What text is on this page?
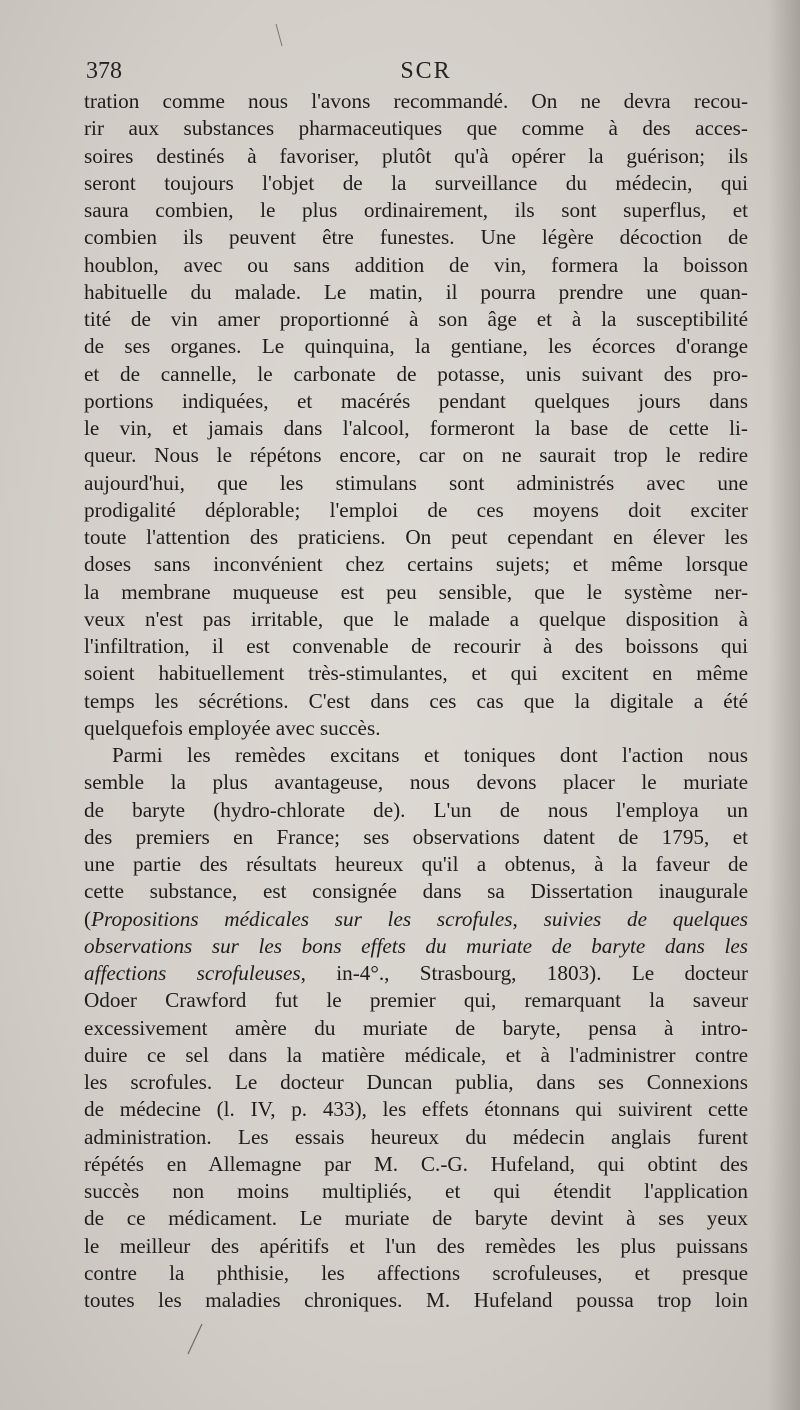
378	SCR
tration comme nous l'avons recommandé. On ne devra recou-
rir aux substances pharmaceutiques que comme à des acces-
soires destinés à favoriser, plutôt qu'à opérer la guérison; ils
seront toujours l'objet de la surveillance du médecin, qui
saura combien, le plus ordinairement, ils sont superflus, et
combien ils peuvent être funestes. Une légère décoction de
houblon, avec ou sans addition de vin, formera la boisson
habituelle du malade. Le matin, il pourra prendre une quan-
tité de vin amer proportionné à son âge et à la susceptibilité
de ses organes. Le quinquina, la gentiane, les écorces d'orange
et de cannelle, le carbonate de potasse, unis suivant des pro-
portions indiquées, et macérés pendant quelques jours dans
le vin, et jamais dans l'alcool, formeront la base de cette li-
queur. Nous le répétons encore, car on ne saurait trop le redire
aujourd'hui, que les stimulans sont administrés avec une
prodigalité déplorable; l'emploi de ces moyens doit exciter
toute l'attention des praticiens. On peut cependant en élever les
doses sans inconvénient chez certains sujets; et même lorsque
la membrane muqueuse est peu sensible, que le système ner-
veux n'est pas irritable, que le malade a quelque disposition à
l'infiltration, il est convenable de recourir à des boissons qui
soient habituellement très-stimulantes, et qui excitent en même
temps les sécrétions. C'est dans ces cas que la digitale a été
quelquefois employée avec succès.
Parmi les remèdes excitans et toniques dont l'action nous
semble la plus avantageuse, nous devons placer le muriate
de baryte (hydro-chlorate de). L'un de nous l'employa un
des premiers en France; ses observations datent de 1795, et
une partie des résultats heureux qu'il a obtenus, à la faveur de
cette substance, est consignée dans sa Dissertation inaugurale
(Propositions médicales sur les scrofules, suivies de quelques
observations sur les bons effets du muriate de baryte dans les
affections scrofuleuses, in-4°., Strasbourg, 1803). Le docteur
Odoer Crawford fut le premier qui, remarquant la saveur
excessivement amère du muriate de baryte, pensa à intro-
duire ce sel dans la matière médicale, et à l'administrer contre
les scrofules. Le docteur Duncan publia, dans ses Connexions
de médecine (l. IV, p. 433), les effets étonnans qui suivirent cette
administration. Les essais heureux du médecin anglais furent
répétés en Allemagne par M. C.-G. Hufeland, qui obtint des
succès non moins multipliés, et qui étendit l'application
de ce médicament. Le muriate de baryte devint à ses yeux
le meilleur des apéritifs et l'un des remèdes les plus puissans
contre la phthisie, les affections scrofuleuses, et presque
toutes les maladies chroniques. M. Hufeland poussa trop loin
